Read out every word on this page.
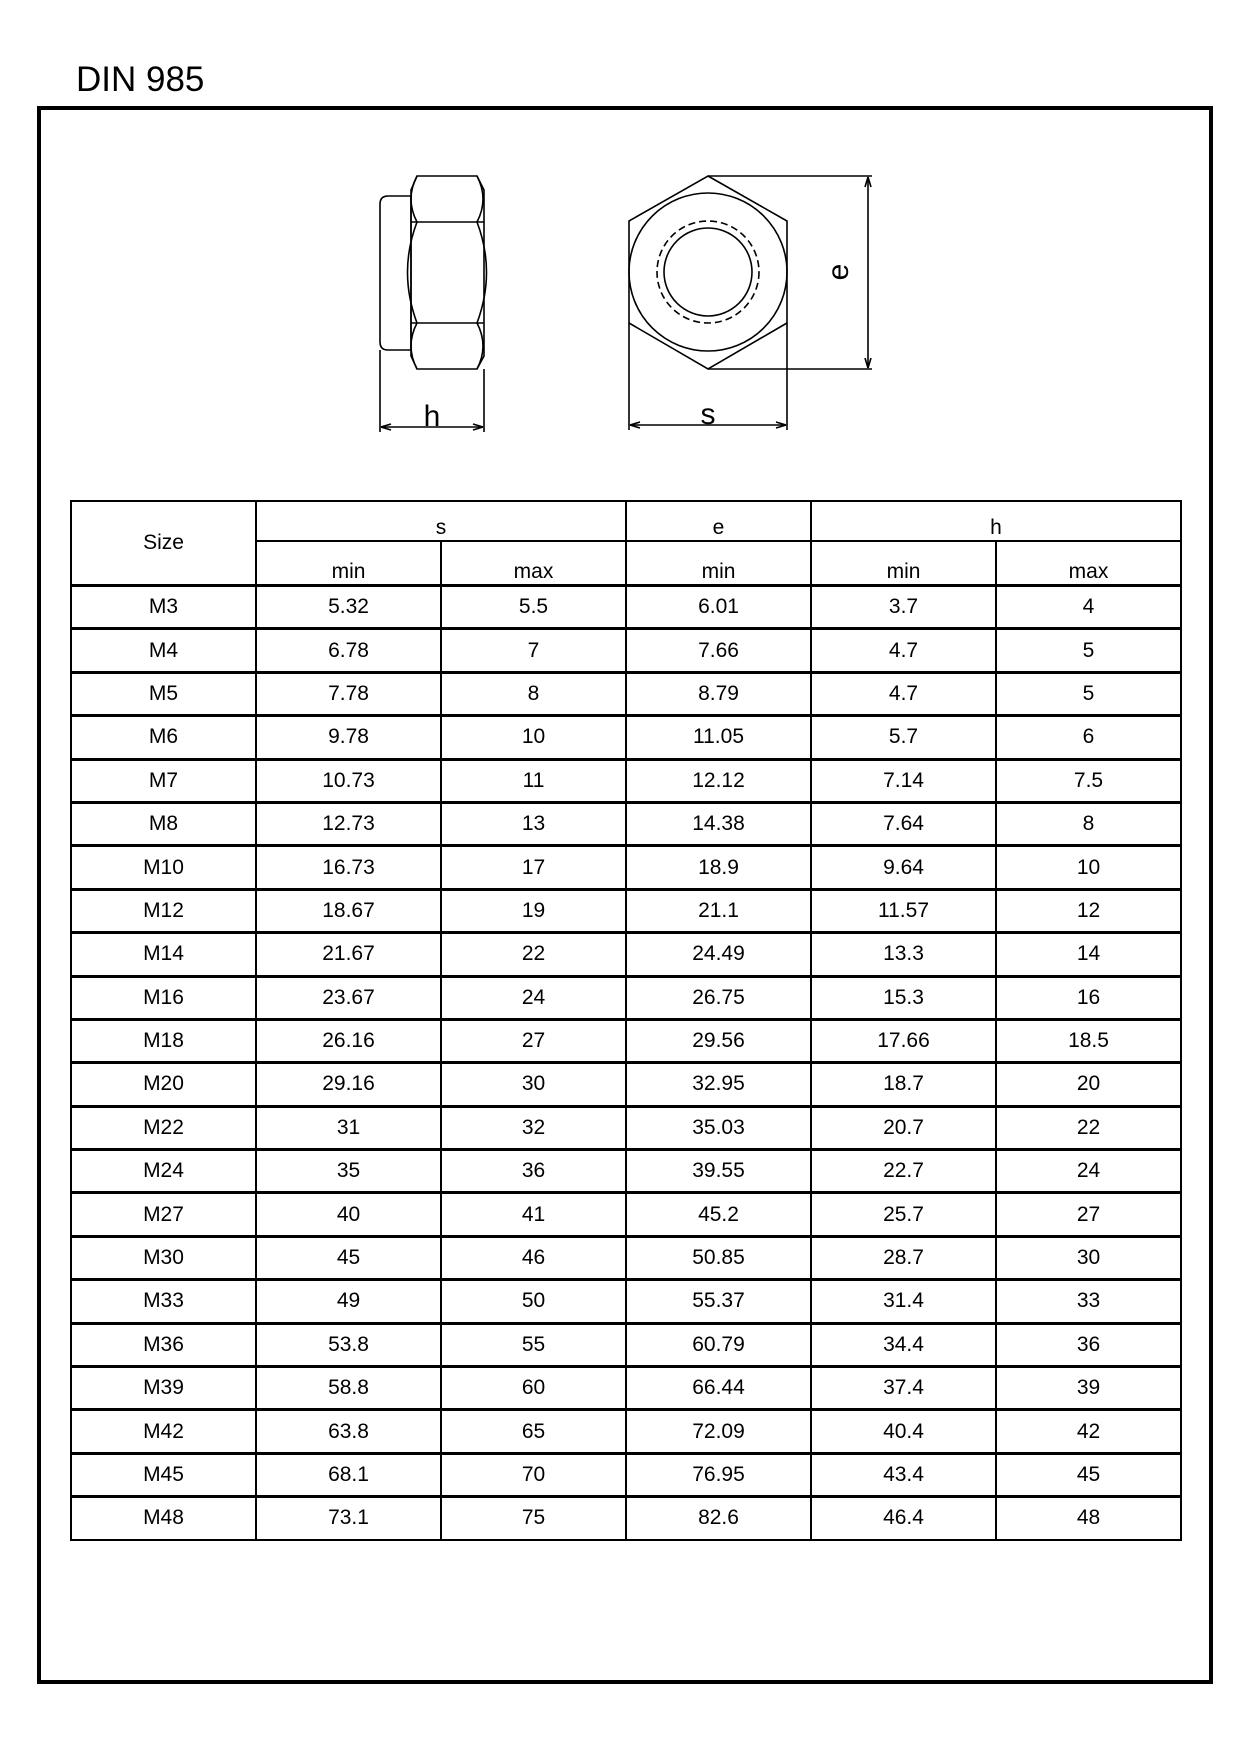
DIN 985
h	s
e
Size	s		e	h	
	min	max	min	min	max
M3	5.32	5.5	6.01	3.7	4
M4	6.78	7	7.66	4.7	5
M5	7.78	8	8.79	4.7	5
M6	9.78	10	11.05	5.7	6
M7	10.73	11	12.12	7.14	7.5
M8	12.73	13	14.38	7.64	8
M10	16.73	17	18.9	9.64	10
M12	18.67	19	21.1	11.57	12
M14	21.67	22	24.49	13.3	14
M16	23.67	24	26.75	15.3	16
M18	26.16	27	29.56	17.66	18.5
M20	29.16	30	32.95	18.7	20
M22	31	32	35.03	20.7	22
M24	35	36	39.55	22.7	24
M27	40	41	45.2	25.7	27
M30	45	46	50.85	28.7	30
M33	49	50	55.37	31.4	33
M36	53.8	55	60.79	34.4	36
M39	58.8	60	66.44	37.4	39
M42	63.8	65	72.09	40.4	42
M45	68.1	70	76.95	43.4	45
M48	73.1	75	82.6	46.4	48
